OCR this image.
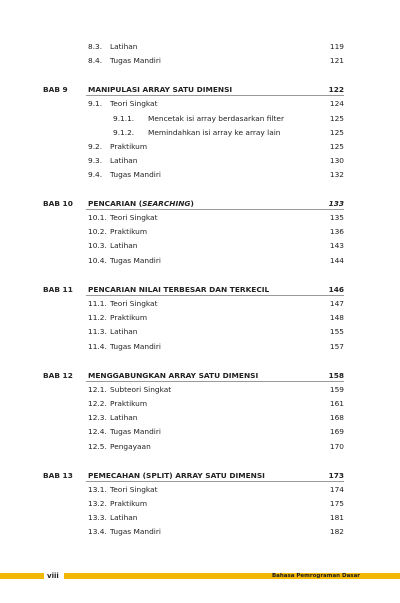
8.3. Latihan	119
8.4. Tugas Mandiri	121
BAB 9	MANIPULASI ARRAY SATU DIMENSI	122
9.1. Teori Singkat	124
9.1.1. Mencetak isi array berdasarkan filter	125
9.1.2. Memindahkan isi array ke array lain	125
9.2. Praktikum	125
9.3. Latihan	130
9.4. Tugas Mandiri	132
BAB 10 PENCARIAN (SEARCHING)	133
10.1. Teori Singkat	135
10.2. Praktikum	136
10.3. Latihan	143
10.4. Tugas Mandiri	144
BAB 11 PENCARIAN NILAI TERBESAR DAN TERKECIL	146
11.1. Teori Singkat	147
11.2. Praktikum	148
11.3. Latihan	155
11.4. Tugas Mandiri	157
BAB 12 MENGGABUNGKAN ARRAY SATU DIMENSI	158
12.1. Subteori Singkat	159
12.2. Praktikum	161
12.3. Latihan	168
12.4. Tugas Mandiri	169
12.5. Pengayaan	170
BAB 13 PEMECAHAN (SPLIT) ARRAY SATU DIMENSI	173
13.1. Teori Singkat	174
13.2. Praktikum	175
13.3. Latihan	181
13.4. Tugas Mandiri	182
viii	Bahasa Pemrograman Dasar
